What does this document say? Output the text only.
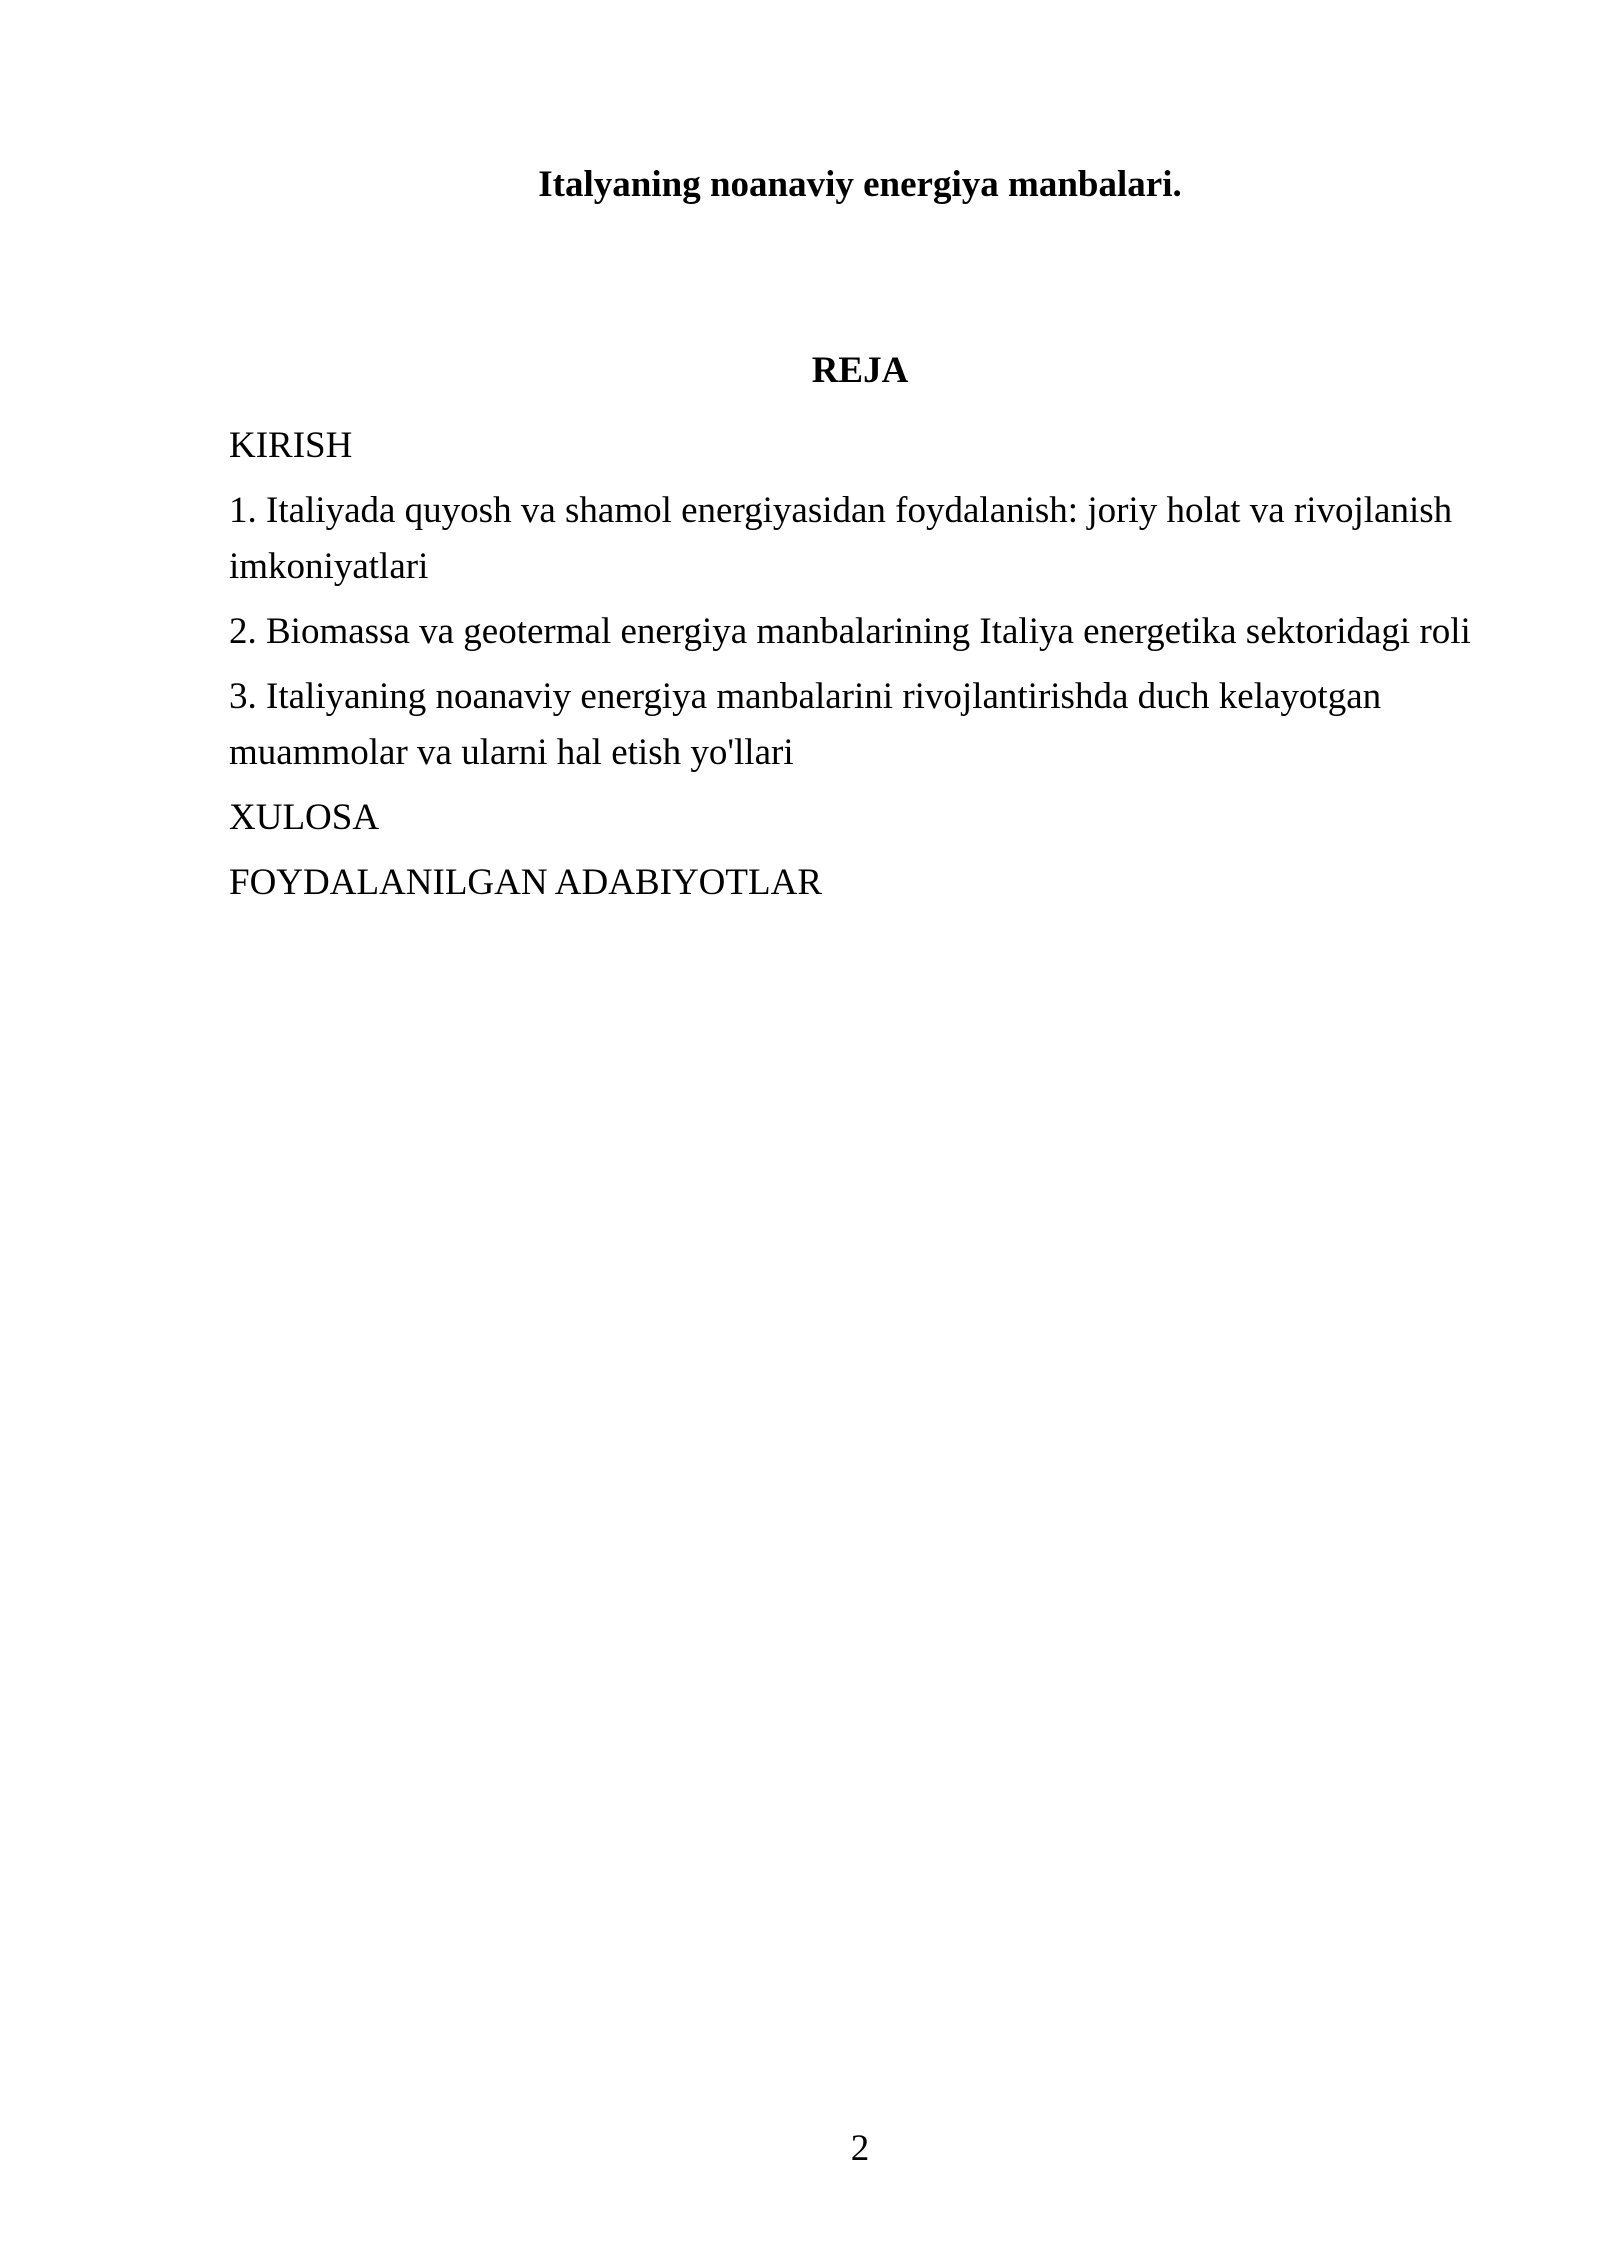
Italyaning noanaviy energiya manbalari.
REJA
KIRISH
1. Italiyada quyosh va shamol energiyasidan foydalanish: joriy holat va rivojlanish imkoniyatlari
2. Biomassa va geotermal energiya manbalarining Italiya energetika sektoridagi roli
3. Italiyaning noanaviy energiya manbalarini rivojlantirishda duch kelayotgan muammolar va ularni hal etish yo'llari
XULOSA
FOYDALANILGAN ADABIYOTLAR
2
